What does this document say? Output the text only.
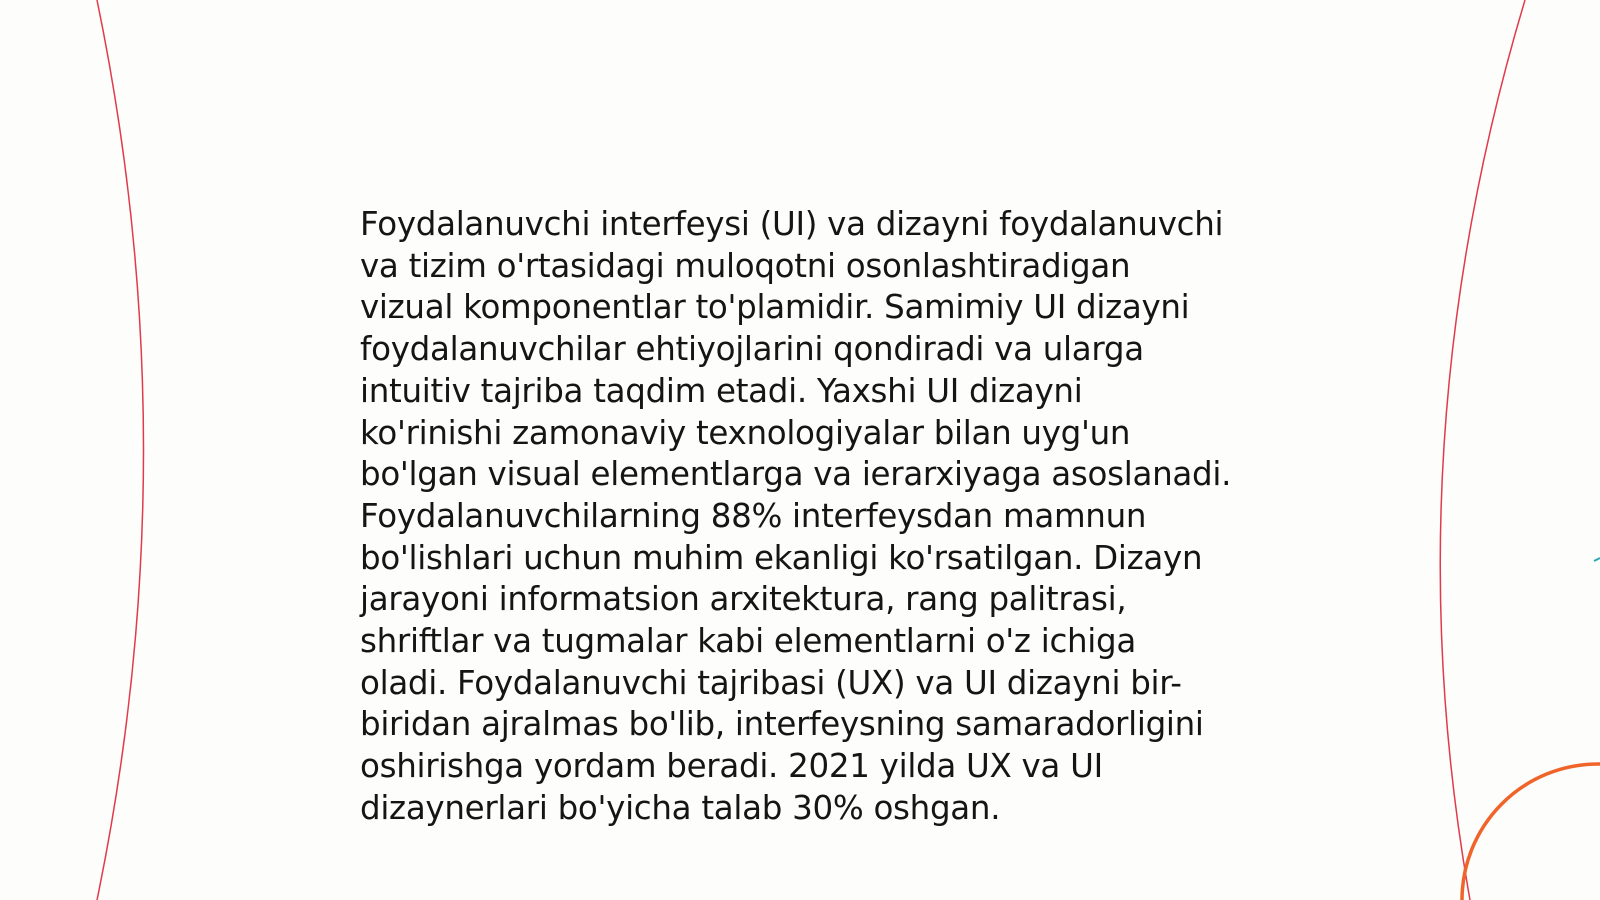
Foydalanuvchi interfeysi (UI) va dizayni foydalanuvchi
va tizim o'rtasidagi muloqotni osonlashtiradigan
vizual komponentlar to'plamidir. Samimiy UI dizayni
foydalanuvchilar ehtiyojlarini qondiradi va ularga
intuitiv tajriba taqdim etadi. Yaxshi UI dizayni
ko'rinishi zamonaviy texnologiyalar bilan uyg'un
bo'lgan visual elementlarga va ierarxiyaga asoslanadi.
Foydalanuvchilarning 88% interfeysdan mamnun
bo'lishlari uchun muhim ekanligi ko'rsatilgan. Dizayn
jarayoni informatsion arxitektura, rang palitrasi,
shriftlar va tugmalar kabi elementlarni o'z ichiga
oladi. Foydalanuvchi tajribasi (UX) va UI dizayni bir-
biridan ajralmas bo'lib, interfeysning samaradorligini
oshirishga yordam beradi. 2021 yilda UX va UI
dizaynerlari bo'yicha talab 30% oshgan.
